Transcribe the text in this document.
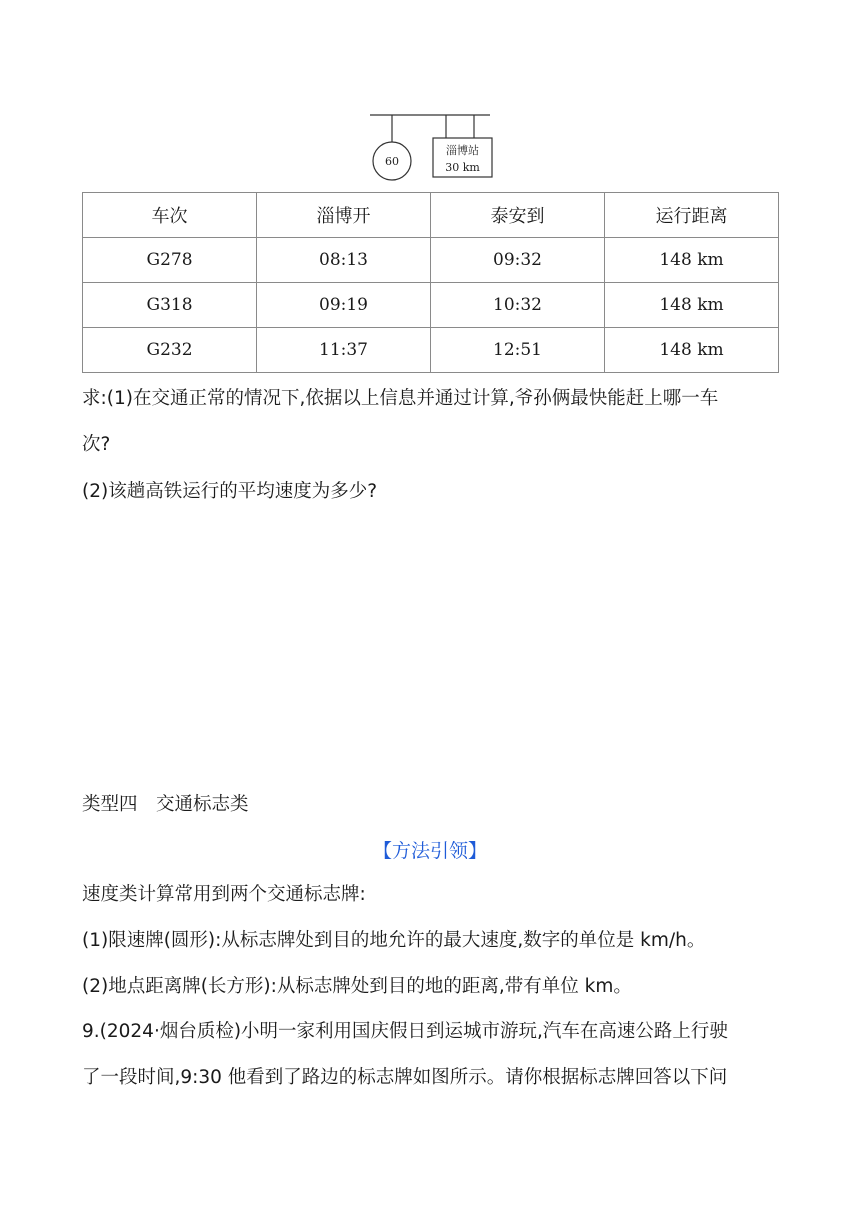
60
淄博站
30 km
车次	淄博开	泰安到	运行距离
G278	08:13	09:32	148 km
G318	09:19	10:32	148 km
G232	11:37	12:51	148 km
求:(1)在交通正常的情况下,依据以上信息并通过计算,爷孙俩最快能赶上哪一车
次?
(2)该趟高铁运行的平均速度为多少?
类型四　交通标志类
【方法引领】
速度类计算常用到两个交通标志牌:
(1)限速牌(圆形):从标志牌处到目的地允许的最大速度,数字的单位是 km/h。
(2)地点距离牌(长方形):从标志牌处到目的地的距离,带有单位 km。
9.(2024·烟台质检)小明一家利用国庆假日到运城市游玩,汽车在高速公路上行驶
了一段时间,9:30 他看到了路边的标志牌如图所示。请你根据标志牌回答以下问
